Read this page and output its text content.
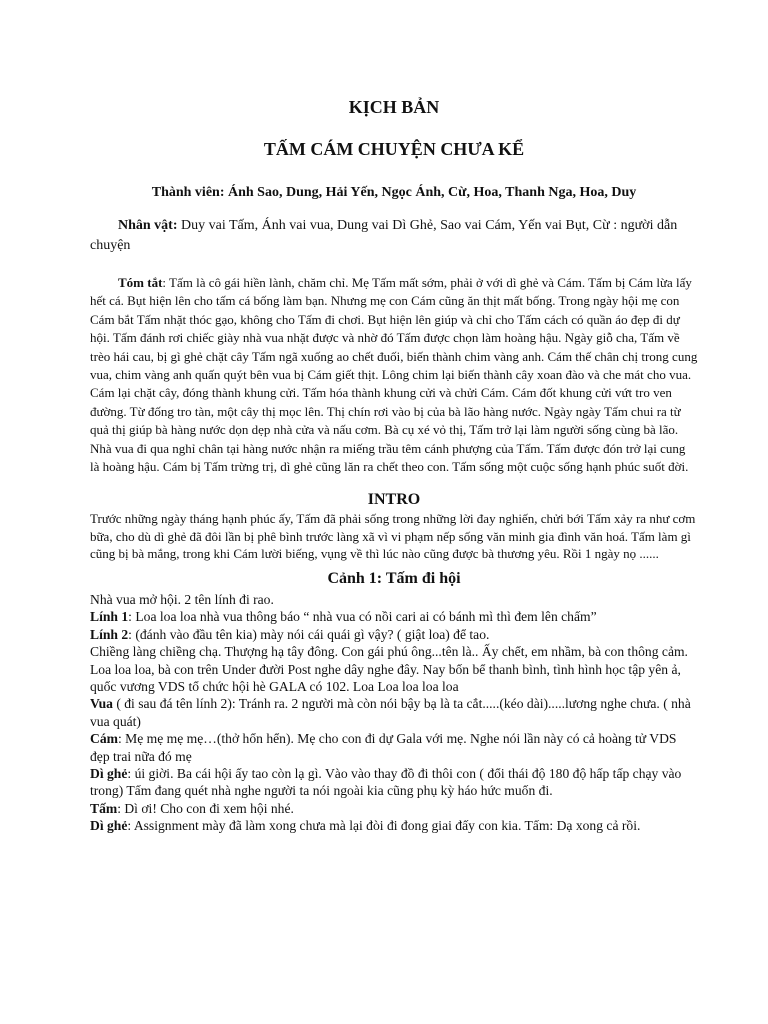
KỊCH BẢN
TẤM CÁM CHUYỆN CHƯA KỂ

Thành viên: Ánh Sao, Dung, Hải Yến, Ngọc Ánh, Cừ, Hoa, Thanh Nga, Hoa, Duy

Nhân vật: Duy vai Tấm, Ánh vai vua, Dung vai Dì Ghẻ, Sao vai Cám, Yến vai Bụt, Cừ : người dẫn chuyện

Tóm tắt: Tấm là cô gái hiền lành, chăm chỉ. Mẹ Tấm mất sớm, phải ở với dì ghẻ và Cám. Tấm bị Cám lừa lấy hết cá. Bụt hiện lên cho tấm cá bống làm bạn. Nhưng mẹ con Cám cũng ăn thịt mất bống. Trong ngày hội mẹ con Cám bắt Tấm nhặt thóc gạo, không cho Tấm đi chơi. Bụt hiện lên giúp và chỉ cho Tấm cách có quần áo đẹp đi dự hội. Tấm đánh rơi chiếc giày nhà vua nhặt được và nhờ đó Tấm được chọn làm hoàng hậu. Ngày giỗ cha, Tấm về trèo hái cau, bị gì ghẻ chặt cây Tấm ngã xuống ao chết đuối, biến thành chim vàng anh. Cám thế chân chị trong cung vua, chim vàng anh quấn quýt bên vua bị Cám giết thịt. Lông chim lại biến thành cây xoan đào và che mát cho vua. Cám lại chặt cây, đóng thành khung cửi. Tấm hóa thành khung cửi và chửi Cám. Cám đốt khung cửi vứt tro ven đường. Từ đống tro tàn, một cây thị mọc lên. Thị chín rơi vào bị của bà lão hàng nước. Ngày ngày Tấm chui ra từ quả thị giúp bà hàng nước dọn dẹp nhà cửa và nấu cơm. Bà cụ xé vỏ thị, Tấm trở lại làm người sống cùng bà lão. Nhà vua đi qua nghỉ chân tại hàng nước nhận ra miếng trầu têm cánh phượng của Tấm. Tấm được đón trở lại cung là hoàng hậu. Cám bị Tấm trừng trị, dì ghẻ cũng lăn ra chết theo con. Tấm sống một cuộc sống hạnh phúc suốt đời.

INTRO

Trước những ngày tháng hạnh phúc ấy, Tấm đã phải sống trong những lời đay nghiến, chửi bới Tấm xảy ra như cơm bữa, cho dù dì ghẻ đã đôi lần bị phê bình trước làng xã vì vi phạm nếp sống văn minh gia đình văn hoá. Tấm làm gì cũng bị bà mắng, trong khi Cám lười biếng, vụng về thì lúc nào cũng được bà thương yêu. Rồi 1 ngày nọ ......

Cảnh 1: Tấm đi hội

Nhà vua mở hội. 2 tên lính đi rao.

Lính 1: Loa loa loa nhà vua thông báo “ nhà vua có nồi cari ai có bánh mì thì đem lên chấm”

Lính 2: (đánh vào đầu tên kia) mày nói cái quái gì vậy? ( giật loa) để tao.

Chiềng làng chiềng chạ. Thượng hạ tây đông. Con gái phú ông...tên là.. Ấy chết, em nhầm, bà con thông cảm. Loa loa loa, bà con trên Under đười Post nghe dây nghe đây. Nay bốn bể thanh bình, tình hình học tập yên ả, quốc vương VDS tổ chức hội hè GALA có 102. Loa Loa loa loa loa

Vua ( đi sau đá tên lính 2): Tránh ra. 2 người mà còn nói bậy bạ là ta cắt.....(kéo dài).....lương nghe chưa. ( nhà vua quát)

Cám: Mẹ mẹ mẹ mẹ…(thở hổn hển). Mẹ cho con đi dự Gala với mẹ. Nghe nói lần này có cả hoàng tử VDS đẹp trai nữa đó mẹ

Dì ghẻ: úi giời. Ba cái hội ấy tao còn lạ gì. Vào vào thay đồ đi thôi con ( đổi thái độ 180 độ hấp tấp chạy vào trong) Tấm đang quét nhà nghe người ta nói ngoài kia cũng phụ kỳ háo hức muốn đi.

Tấm: Dì ơi! Cho con đi xem hội nhé.

Dì ghẻ: Assignment mày đã làm xong chưa mà lại đòi đi đong giai đấy con kia. Tấm: Dạ xong cả rồi.
